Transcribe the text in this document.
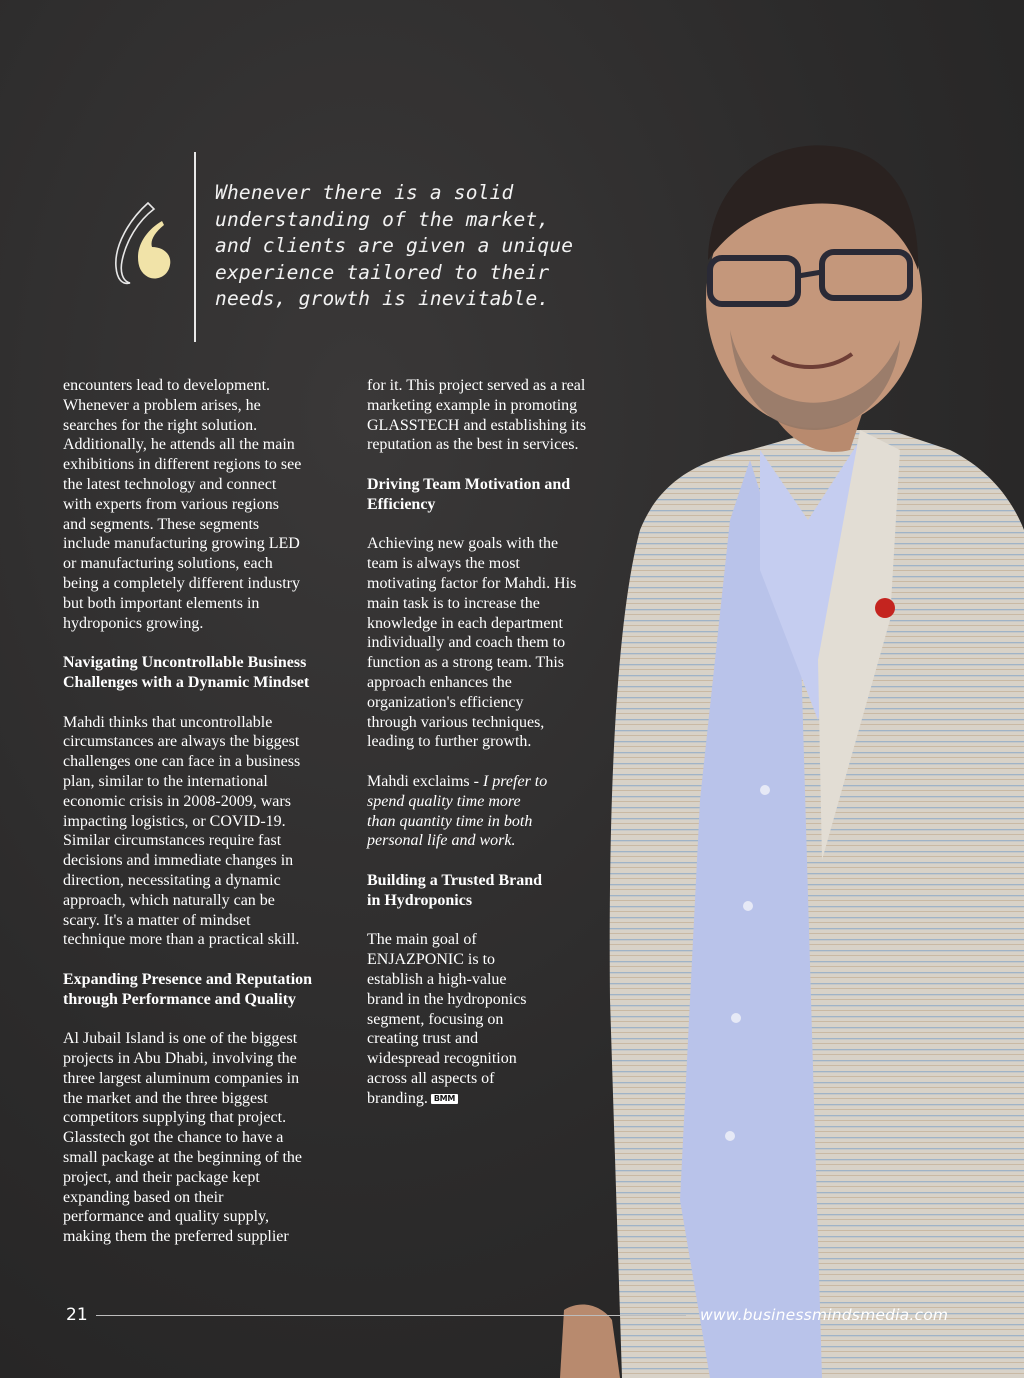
Whenever there is a solid
understanding of the market,
and clients are given a unique
experience tailored to their
needs, growth is inevitable.

encounters lead to development.
Whenever a problem arises, he
searches for the right solution.
Additionally, he attends all the main
exhibitions in different regions to see
the latest technology and connect
with experts from various regions
and segments. These segments
include manufacturing growing LED
or manufacturing solutions, each
being a completely different industry
but both important elements in
hydroponics growing.

Navigating Uncontrollable Business
Challenges with a Dynamic Mindset

Mahdi thinks that uncontrollable
circumstances are always the biggest
challenges one can face in a business
plan, similar to the international
economic crisis in 2008-2009, wars
impacting logistics, or COVID-19.
Similar circumstances require fast
decisions and immediate changes in
direction, necessitating a dynamic
approach, which naturally can be
scary. It's a matter of mindset
technique more than a practical skill.

Expanding Presence and Reputation
through Performance and Quality

Al Jubail Island is one of the biggest
projects in Abu Dhabi, involving the
three largest aluminum companies in
the market and the three biggest
competitors supplying that project.
Glasstech got the chance to have a
small package at the beginning of the
project, and their package kept
expanding based on their
performance and quality supply,
making them the preferred supplier

for it. This project served as a real
marketing example in promoting
GLASSTECH and establishing its
reputation as the best in services.

Driving Team Motivation and
Efficiency

Achieving new goals with the
team is always the most
motivating factor for Mahdi. His
main task is to increase the
knowledge in each department
individually and coach them to
function as a strong team. This
approach enhances the
organization's efficiency
through various techniques,
leading to further growth.

Mahdi exclaims - I prefer to
spend quality time more
than quantity time in both
personal life and work.

Building a Trusted Brand
in Hydroponics

The main goal of
ENJAZPONIC is to
establish a high-value
brand in the hydroponics
segment, focusing on
creating trust and
widespread recognition
across all aspects of
branding. BMM

21	www.businessmindsmedia.com
